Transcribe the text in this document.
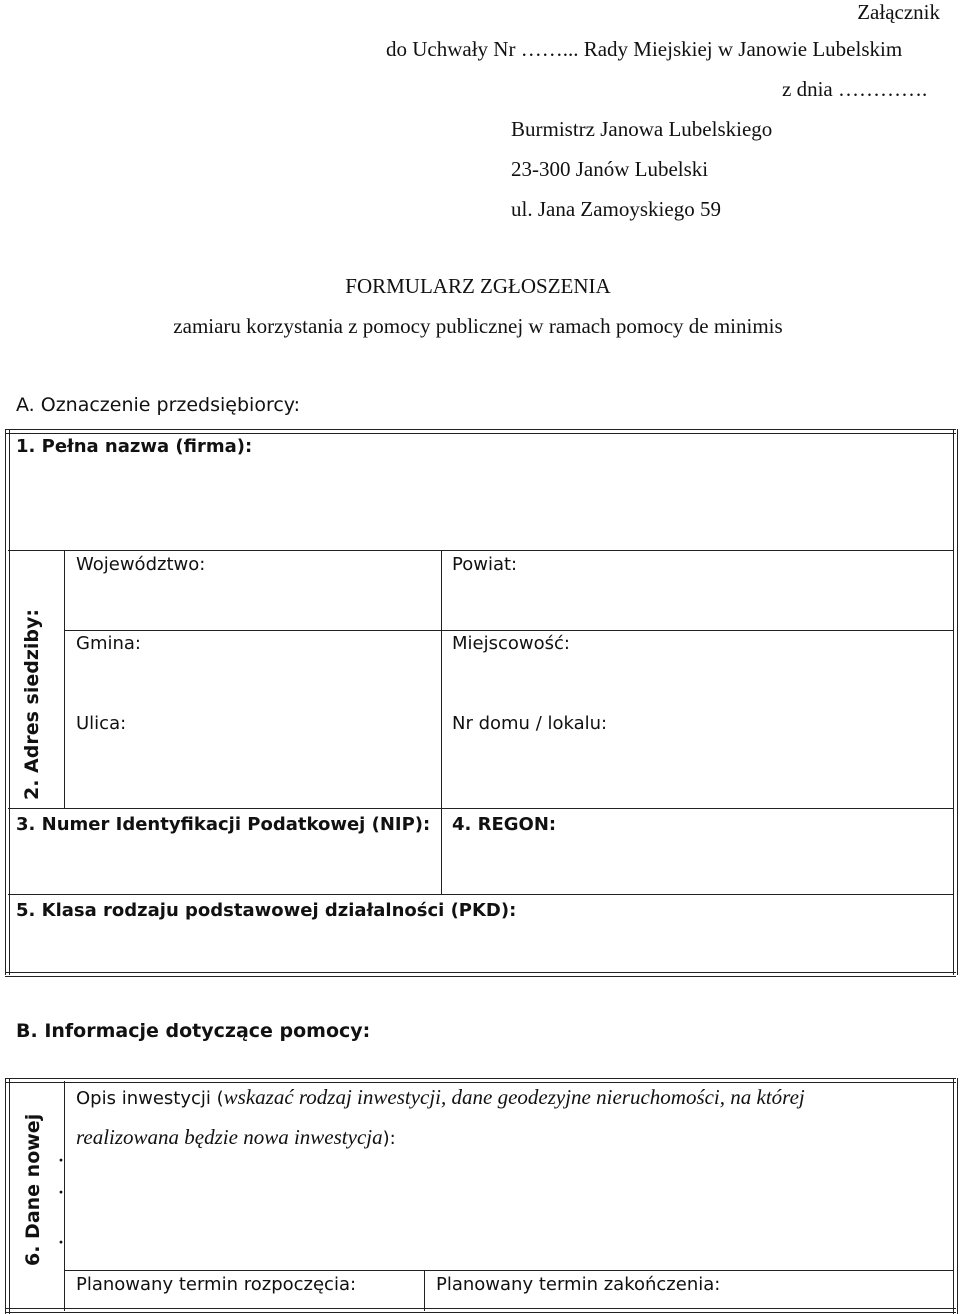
Załącznik
do Uchwały Nr ……... Rady Miejskiej w Janowie Lubelskim
z dnia ………….
Burmistrz Janowa Lubelskiego
23-300 Janów Lubelski
ul. Jana Zamoyskiego 59
FORMULARZ ZGŁOSZENIA
zamiaru korzystania z pomocy publicznej w ramach pomocy de minimis
A. Oznaczenie przedsiębiorcy:
1. Pełna nazwa (firma):
2. Adres siedziby:
Województwo:	Powiat:
Gmina:	Miejscowość:
Ulica:	Nr domu / lokalu:
3. Numer Identyfikacji Podatkowej (NIP): 4. REGON:
5. Klasa rodzaju podstawowej działalności (PKD):
B. Informacje dotyczące pomocy:
6. Dane nowej ·
·
·
Opis inwestycji (wskazać rodzaj inwestycji, dane geodezyjne nieruchomości, na której
realizowana będzie nowa inwestycja):
Planowany termin rozpoczęcia:	Planowany termin zakończenia:
